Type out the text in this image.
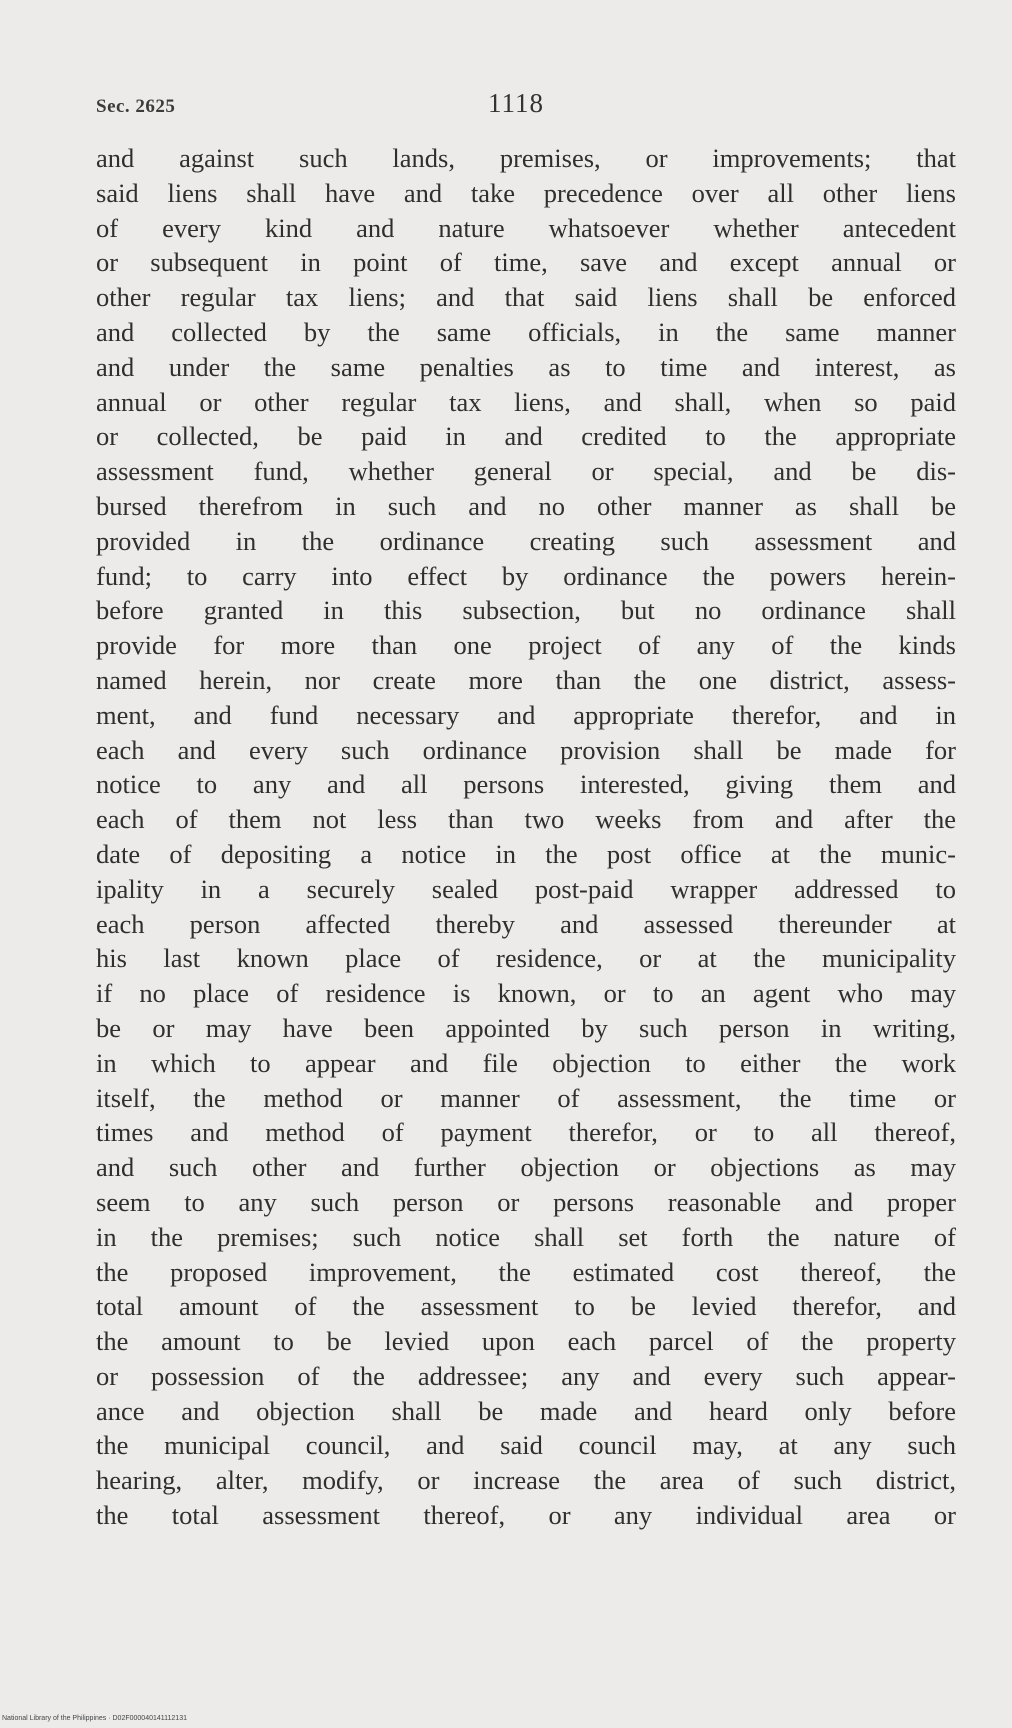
Sec. 2625	1118
and against such lands, premises, or improvements; that
said liens shall have and take precedence over all other liens
of every kind and nature whatsoever whether antecedent
or subsequent in point of time, save and except annual or
other regular tax liens; and that said liens shall be enforced
and collected by the same officials, in the same manner
and under the same penalties as to time and interest, as
annual or other regular tax liens, and shall, when so paid
or collected, be paid in and credited to the appropriate
assessment fund, whether general or special, and be dis-
bursed therefrom in such and no other manner as shall be
provided in the ordinance creating such assessment and
fund; to carry into effect by ordinance the powers herein-
before granted in this subsection, but no ordinance shall
provide for more than one project of any of the kinds
named herein, nor create more than the one district, assess-
ment, and fund necessary and appropriate therefor, and in
each and every such ordinance provision shall be made for
notice to any and all persons interested, giving them and
each of them not less than two weeks from and after the
date of depositing a notice in the post office at the munic-
ipality in a securely sealed post-paid wrapper addressed to
each person affected thereby and assessed thereunder at
his last known place of residence, or at the municipality
if no place of residence is known, or to an agent who may
be or may have been appointed by such person in writing,
in which to appear and file objection to either the work
itself, the method or manner of assessment, the time or
times and method of payment therefor, or to all thereof,
and such other and further objection or objections as may
seem to any such person or persons reasonable and proper
in the premises; such notice shall set forth the nature of
the proposed improvement, the estimated cost thereof, the
total amount of the assessment to be levied therefor, and
the amount to be levied upon each parcel of the property
or possession of the addressee; any and every such appear-
ance and objection shall be made and heard only before
the municipal council, and said council may, at any such
hearing, alter, modify, or increase the area of such district,
the total assessment thereof, or any individual area or
National Library of the Philippines · D02F000040141112131
